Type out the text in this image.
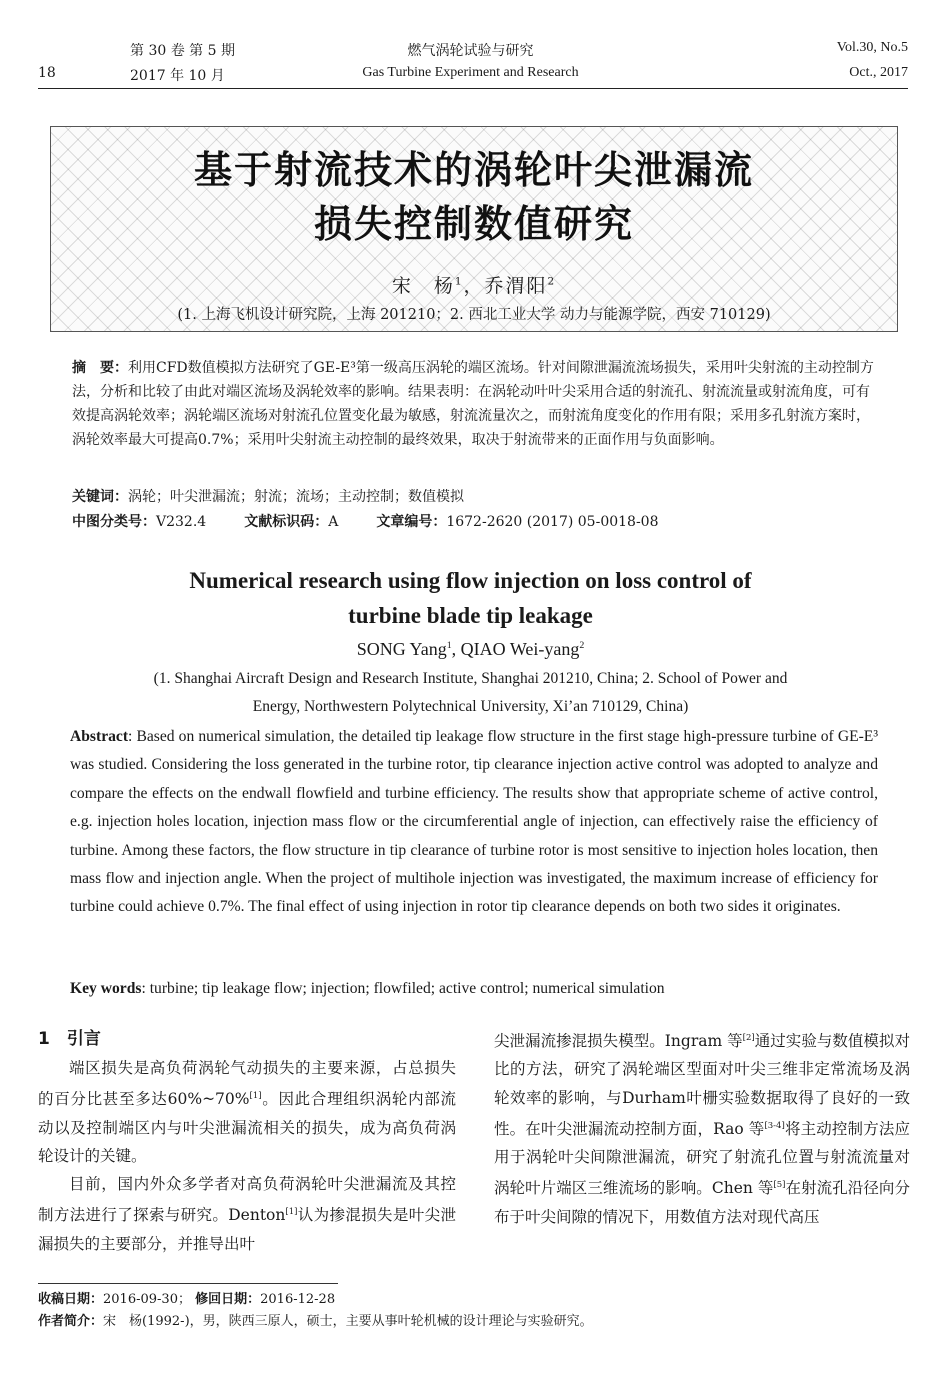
18
第 30 卷 第 5 期
2017 年 10 月
燃气涡轮试验与研究
Gas Turbine Experiment and Research
Vol.30, No.5
Oct., 2017
基于射流技术的涡轮叶尖泄漏流
损失控制数值研究
宋　杨$^1$，乔渭阳$^2$
(1. 上海飞机设计研究院，上海 201210；2. 西北工业大学 动力与能源学院，西安 710129)
摘　要：利用CFD数值模拟方法研究了GE-E³第一级高压涡轮的端区流场。针对间隙泄漏流流场损失，采用叶尖射流的主动控制方法，分析和比较了由此对端区流场及涡轮效率的影响。结果表明：在涡轮动叶叶尖采用合适的射流孔、射流流量或射流角度，可有效提高涡轮效率；涡轮端区流场对射流孔位置变化最为敏感，射流流量次之，而射流角度变化的作用有限；采用多孔射流方案时，涡轮效率最大可提高0.7%；采用叶尖射流主动控制的最终效果，取决于射流带来的正面作用与负面影响。
关键词：涡轮；叶尖泄漏流；射流；流场；主动控制；数值模拟
中图分类号：V232.4	文献标识码：A	文章编号：1672-2620 (2017) 05-0018-08
Numerical research using flow injection on loss control of
turbine blade tip leakage
SONG Yang$^1$, QIAO Wei-yang$^2$
(1. Shanghai Aircraft Design and Research Institute, Shanghai 201210, China; 2. School of Power and
Energy, Northwestern Polytechnical University, Xi’an 710129, China)
Abstract: Based on numerical simulation, the detailed tip leakage flow structure in the first stage high-pressure turbine of GE-E³ was studied. Considering the loss generated in the turbine rotor, tip clearance injection active control was adopted to analyze and compare the effects on the endwall flowfield and turbine efficiency. The results show that appropriate scheme of active control, e.g. injection holes location, injection mass flow or the circumferential angle of injection, can effectively raise the efficiency of turbine. Among these factors, the flow structure in tip clearance of turbine rotor is most sensitive to injection holes location, then mass flow and injection angle. When the project of multihole injection was investigated, the maximum increase of efficiency for turbine could achieve 0.7%. The final effect of using injection in rotor tip clearance depends on both two sides it originates.
Key words: turbine; tip leakage flow; injection; flowfiled; active control; numerical simulation
1　引言

端区损失是高负荷涡轮气动损失的主要来源，占总损失的百分比甚至多达60%~70%[1]。因此合理组织涡轮内部流动以及控制端区内与叶尖泄漏流相关的损失，成为高负荷涡轮设计的关键。

目前，国内外众多学者对高负荷涡轮叶尖泄漏流及其控制方法进行了探索与研究。Denton[1]认为掺混损失是叶尖泄漏损失的主要部分，并推导出叶

尖泄漏流掺混损失模型。Ingram 等[2]通过实验与数值模拟对比的方法，研究了涡轮端区型面对叶尖三维非定常流场及涡轮效率的影响，与Durham叶栅实验数据取得了良好的一致性。在叶尖泄漏流动控制方面，Rao 等[3-4]将主动控制方法应用于涡轮叶尖间隙泄漏流，研究了射流孔位置与射流流量对涡轮叶片端区三维流场的影响。Chen 等[5]在射流孔沿径向分布于叶尖间隙的情况下，用数值方法对现代高压

收稿日期：2016-09-30； 修回日期：2016-12-28
作者简介：宋　杨(1992-)，男，陕西三原人，硕士，主要从事叶轮机械的设计理论与实验研究。
